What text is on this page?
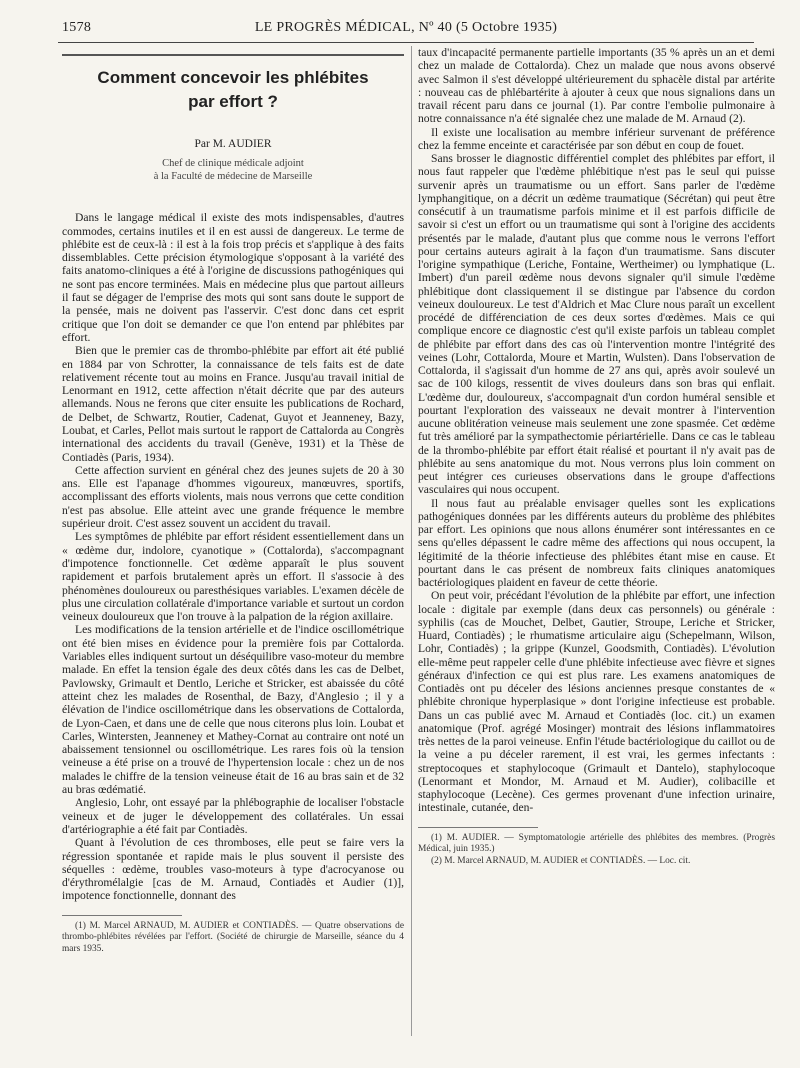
1578	LE PROGRÈS MÉDICAL, Nº 40 (5 Octobre 1935)
Comment concevoir les phlébites
par effort ?
Par M. AUDIER
Chef de clinique médicale adjoint
à la Faculté de médecine de Marseille

Dans le langage médical il existe des mots indispensables, d'autres commodes, certains inutiles et il en est aussi de dangereux. Le terme de phlébite est de ceux-là : il est à la fois trop précis et s'applique à des faits dissemblables. Cette précision étymologique s'opposant à la variété des faits anatomo-cliniques a été à l'origine de discussions pathogéniques qui ne sont pas encore terminées. Mais en médecine plus que partout ailleurs il faut se dégager de l'emprise des mots qui sont sans doute le support de la pensée, mais ne doivent pas l'asservir. C'est donc dans cet esprit critique que l'on doit se demander ce que l'on entend par phlébites par effort.

Bien que le premier cas de thrombo-phlébite par effort ait été publié en 1884 par von Schrotter, la connaissance de tels faits est de date relativement récente tout au moins en France. Jusqu'au travail initial de Lenormant en 1912, cette affection n'était décrite que par des auteurs allemands. Nous ne ferons que citer ensuite les publications de Rochard, de Delbet, de Schwartz, Routier, Cadenat, Guyot et Jeanneney, Bazy, Loubat, et Carles, Pellot mais surtout le rapport de Cattalorda au Congrès international des accidents du travail (Genève, 1931) et la Thèse de Contiadès (Paris, 1934).

Cette affection survient en général chez des jeunes sujets de 20 à 30 ans. Elle est l'apanage d'hommes vigoureux, manœuvres, sportifs, accomplissant des efforts violents, mais nous verrons que cette condition n'est pas absolue. Elle atteint avec une grande fréquence le membre supérieur droit. C'est assez souvent un accident du travail.

Les symptômes de phlébite par effort résident essentiellement dans un « œdème dur, indolore, cyanotique » (Cottalorda), s'accompagnant d'impotence fonctionnelle. Cet œdème apparaît le plus souvent rapidement et parfois brutalement après un effort. Il s'associe à des phénomènes douloureux ou paresthésiques variables. L'examen décèle de plus une circulation collatérale d'importance variable et surtout un cordon veineux douloureux que l'on trouve à la palpation de la région axillaire.

Les modifications de la tension artérielle et de l'indice oscillométrique ont été bien mises en évidence pour la première fois par Cottalorda. Variables elles indiquent surtout un déséquilibre vaso-moteur du membre malade. En effet la tension égale des deux côtés dans les cas de Delbet, Pavlowsky, Grimault et Dentlo, Leriche et Stricker, est abaissée du côté atteint chez les malades de Rosenthal, de Bazy, d'Anglesio ; il y a élévation de l'indice oscillométrique dans les observations de Cottalorda, de Lyon-Caen, et dans une de celle que nous citerons plus loin. Loubat et Carles, Wintersten, Jeanneney et Mathey-Cornat au contraire ont noté un abaissement tensionnel ou oscillométrique. Les rares fois où la tension veineuse a été prise on a trouvé de l'hypertension locale : chez un de nos malades le chiffre de la tension veineuse était de 16 au bras sain et de 32 au bras œdématié.

Anglesio, Lohr, ont essayé par la phlébographie de localiser l'obstacle veineux et de juger le développement des collatérales. Un essai d'artériographie a été fait par Contiadès.

Quant à l'évolution de ces thromboses, elle peut se faire vers la régression spontanée et rapide mais le plus souvent il persiste des séquelles : œdème, troubles vaso-moteurs à type d'acrocyanose ou d'érythromélalgie [cas de M. Arnaud, Contiadès et Audier (1)], impotence fonctionnelle, donnant des

(1) M. Marcel ARNAUD, M. AUDIER et CONTIADÈS. — Quatre observations de thrombo-phlébites révélées par l'effort. (Société de chirurgie de Marseille, séance du 4 mars 1935.

taux d'incapacité permanente partielle importants (35 % après un an et demi chez un malade de Cottalorda). Chez un malade que nous avons observé avec Salmon il s'est développé ultérieurement du sphacèle distal par artérite : nouveau cas de phlébartérite à ajouter à ceux que nous signalions dans un travail récent paru dans ce journal (1). Par contre l'embolie pulmonaire à notre connaissance n'a été signalée chez une malade de M. Arnaud (2).

Il existe une localisation au membre inférieur survenant de préférence chez la femme enceinte et caractérisée par son début en coup de fouet.

Sans brosser le diagnostic différentiel complet des phlébites par effort, il nous faut rappeler que l'œdème phlébitique n'est pas le seul qui puisse survenir après un traumatisme ou un effort. Sans parler de l'œdème lymphangitique, on a décrit un œdème traumatique (Sécrétan) qui peut être consécutif à un traumatisme parfois minime et il est parfois difficile de savoir si c'est un effort ou un traumatisme qui sont à l'origine des accidents présentés par le malade, d'autant plus que comme nous le verrons l'effort pour certains auteurs agirait à la façon d'un traumatisme. Sans discuter l'origine sympathique (Leriche, Fontaine, Wertheimer) ou lymphatique (L. Imbert) d'un pareil œdème nous devons signaler qu'il simule l'œdème phlébitique dont classiquement il se distingue par l'absence du cordon veineux douloureux. Le test d'Aldrich et Mac Clure nous paraît un excellent procédé de différenciation de ces deux sortes d'œdèmes. Mais ce qui complique encore ce diagnostic c'est qu'il existe parfois un tableau complet de phlébite par effort dans des cas où l'intervention montre l'intégrité des veines (Lohr, Cottalorda, Moure et Martin, Wulsten). Dans l'observation de Cottalorda, il s'agissait d'un homme de 27 ans qui, après avoir soulevé un sac de 100 kilogs, ressentit de vives douleurs dans son bras qui enflait. L'œdème dur, douloureux, s'accompagnait d'un cordon huméral sensible et pourtant l'exploration des vaisseaux ne devait montrer à l'intervention aucune oblitération veineuse mais seulement une zone spasmée. Cet œdème fut très amélioré par la sympathectomie périartérielle. Dans ce cas le tableau de la thrombo-phlébite par effort était réalisé et pourtant il n'y avait pas de phlébite au sens anatomique du mot. Nous verrons plus loin comment on peut intégrer ces curieuses observations dans le groupe d'affections vasculaires qui nous occupent.

Il nous faut au préalable envisager quelles sont les explications pathogéniques données par les différents auteurs du problème des phlébites par effort. Les opinions que nous allons énumérer sont intéressantes en ce sens qu'elles dépassent le cadre même des affections qui nous occupent, la légitimité de la théorie infectieuse des phlébites étant mise en cause. Et pourtant dans le cas présent de nombreux faits cliniques anatomiques bactériologiques plaident en faveur de cette théorie.

On peut voir, précédant l'évolution de la phlébite par effort, une infection locale : digitale par exemple (dans deux cas personnels) ou générale : syphilis (cas de Mouchet, Delbet, Gautier, Stroupe, Leriche et Stricker, Huard, Contiadès) ; le rhumatisme articulaire aigu (Schepelmann, Wilson, Lohr, Contiadès) ; la grippe (Kunzel, Goodsmith, Contiadès). L'évolution elle-même peut rappeler celle d'une phlébite infectieuse avec fièvre et signes généraux d'infection ce qui est plus rare. Les examens anatomiques de Contiadès ont pu déceler des lésions anciennes presque constantes de « phlébite chronique hyperplasique » dont l'origine infectieuse est probable. Dans un cas publié avec M. Arnaud et Contiadès (loc. cit.) un examen anatomique (Prof. agrégé Mosinger) montrait des lésions inflammatoires très nettes de la paroi veineuse. Enfin l'étude bactériologique du caillot ou de la veine a pu déceler rarement, il est vrai, les germes infectants : streptocoques et staphylocoque (Grimault et Dantelo), staphylocoque (Lenormant et Mondor, M. Arnaud et M. Audier), colibacille et staphylocoque (Lecène). Ces germes provenant d'une infection urinaire, intestinale, cutanée, den-

(1) M. AUDIER. — Symptomatologie artérielle des phlébites des membres. (Progrès Médical, juin 1935.)

(2) M. Marcel ARNAUD, M. AUDIER et CONTIADÈS. — Loc. cit.
